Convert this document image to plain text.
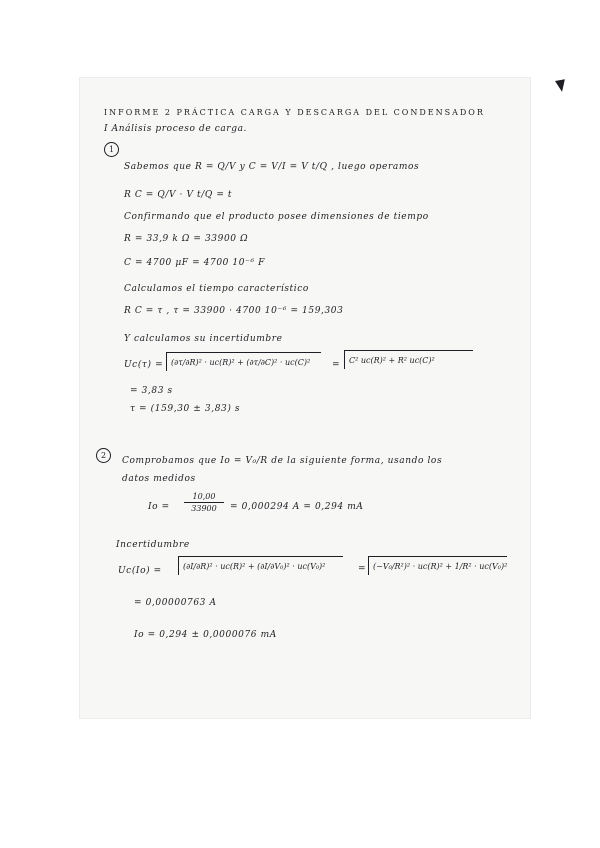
INFORME 2 PRÁCTICA CARGA Y DESCARGA DEL CONDENSADOR
I Análisis proceso de carga.
1
Sabemos que R = Q/V y C = V/I = V t/Q , luego operamos
R C = Q/V · V t/Q = t
Confirmando que el producto posee dimensiones de tiempo
R = 33,9 k Ω = 33900 Ω
C = 4700 μF = 4700 10⁻⁶ F
Calculamos el tiempo característico
R C = τ , τ = 33900 · 4700 10⁻⁶ = 159,303
Y calculamos su incertidumbre
Uc(τ) = (∂τ/∂R)² · uc(R)² + (∂τ/∂C)² · uc(C)²	=	C² uc(R)² + R² uc(C)²
= 3,83 s
τ = (159,30 ± 3,83) s
2
Comprobamos que Io = V₀/R de la siguiente forma, usando los
datos medidos
Io =
10,00
33900	= 0,000294 A = 0,294 mA
Incertidumbre
Uc(Io) =	(∂I/∂R)² · uc(R)² + (∂I/∂V₀)² · uc(V₀)²	= (−V₀/R²)² · uc(R)² + 1/R² · uc(V₀)²
= 0,00000763 A
Io = 0,294 ± 0,0000076 mA
